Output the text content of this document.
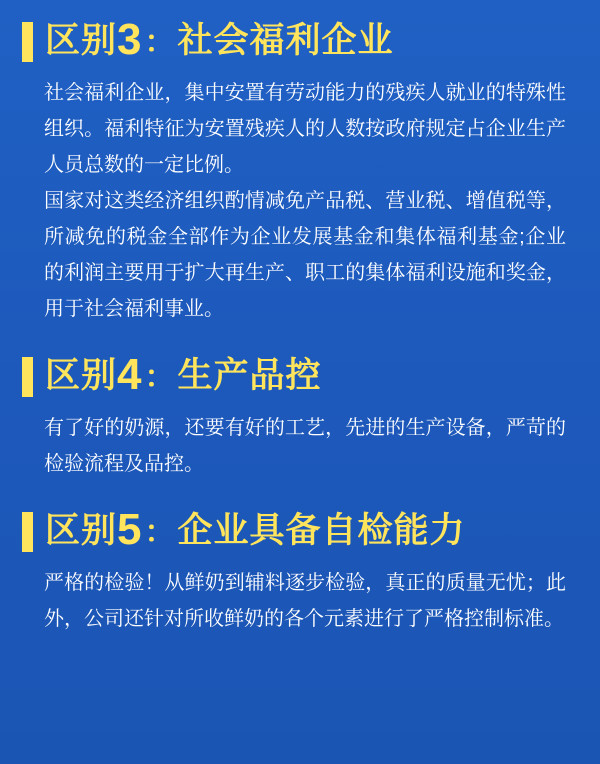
区别3：社会福利企业

社会福利企业，集中安置有劳动能力的残疾人就业的特殊性组织。福利特征为安置残疾人的人数按政府规定占企业生产人员总数的一定比例。

国家对这类经济组织酌情减免产品税、营业税、增值税等，所减免的税金全部作为企业发展基金和集体福利基金;企业的利润主要用于扩大再生产、职工的集体福利设施和奖金，用于社会福利事业。

区别4：生产品控

有了好的奶源，还要有好的工艺，先进的生产设备，严苛的检验流程及品控。

区别5：企业具备自检能力

严格的检验！从鲜奶到辅料逐步检验，真正的质量无忧；此外，公司还针对所收鲜奶的各个元素进行了严格控制标准。
